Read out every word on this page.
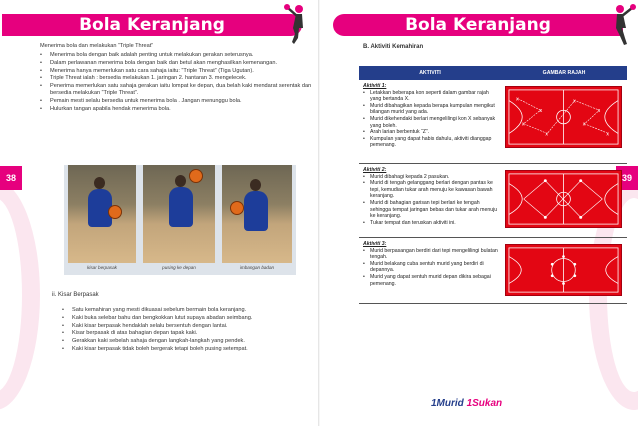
Bola Keranjang
38
Menerima bola dan melakukan “Triple Threat”
• Menerima bola dengan baik adalah penting untuk melakukan gerakan seterusnya.
• Dalam perlawanan menerima bola dengan baik dan betul akan menghasilkan kemenangan.
• Menerima hanya memerlukan satu cara sahaja iaitu: “Triple Threat” (Tiga Ugutan).
• Triple Threat ialah : bersedia melakukan 1. jaringan 2. hantaran 3. mengelecek.
• Penerima memerlukan satu sahaja gerakan iaitu lompat ke depan, dua belah kaki mendarat serentak dan bersedia melakukan “Triple Threat”.
• Pemain mesti selalu bersedia untuk menerima bola . Jangan menunggu bola.
• Hulurkan tangan apabila hendak menerima bola.
kisar berpasak	pusing ke depan	imbangan badan
ii. Kisar Berpasak
• Satu kemahiran yang mesti dikuasai sebelum bermain bola keranjang.
• Kaki buka selebar bahu dan bengkokkan lutut supaya abadan seimbang.
• Kaki kisar berpasak hendaklah selalu bersentuh dengan lantai.
• Kisar berpasak di atas bahagian depan tapak kaki.
• Gerakkan kaki sebelah sahaja dengan langkah-langkah yang pendek.
• Kaki kisar berpasak tidak boleh bergerak tetapi boleh pusing setempat.
Bola Keranjang
39
B. Aktiviti Kemahiran
AKTIVITI	GAMBAR RAJAH
Aktiviti 1:
• Letakkan beberapa kon seperti dalam gambar rajah yang bertanda X.
• Murid dibahagikan kepada berapa kumpulan mengikut bilangan murid yang ada.
• Murid dikehendaki berlari mengelilingi kon X sebanyak yang boleh.
• Arah larian berbentuk “Z”.
• Kumpulan yang dapat habis dahulu, aktiviti dianggap pemenang.
x
x
x
x
x
x
x
x
Aktiviti 2:
• Murid dibahagi kepada 2 pasukan.
• Murid di tengah gelanggang berlari dengan pantas ke tepi, kemudian tukar arah menuju ke kawasan bawah keranjang.
• Murid di bahagian garisan tepi berlari ke tengah sehingga tempat jaringan bebas dan tukar arah menuju ke keranjang.
• Tukar tempat dan teruskan aktiviti ini.
Aktiviti 3:
• Murid berpasangan berdiri dari tepi mengelilingi bulatan tengah.
• Murid belakang cuba sentuh murid yang berdiri di depannya.
• Murid yang dapat sentuh murid depan dikira sebagai pemenang.
1Murid 1Sukan
